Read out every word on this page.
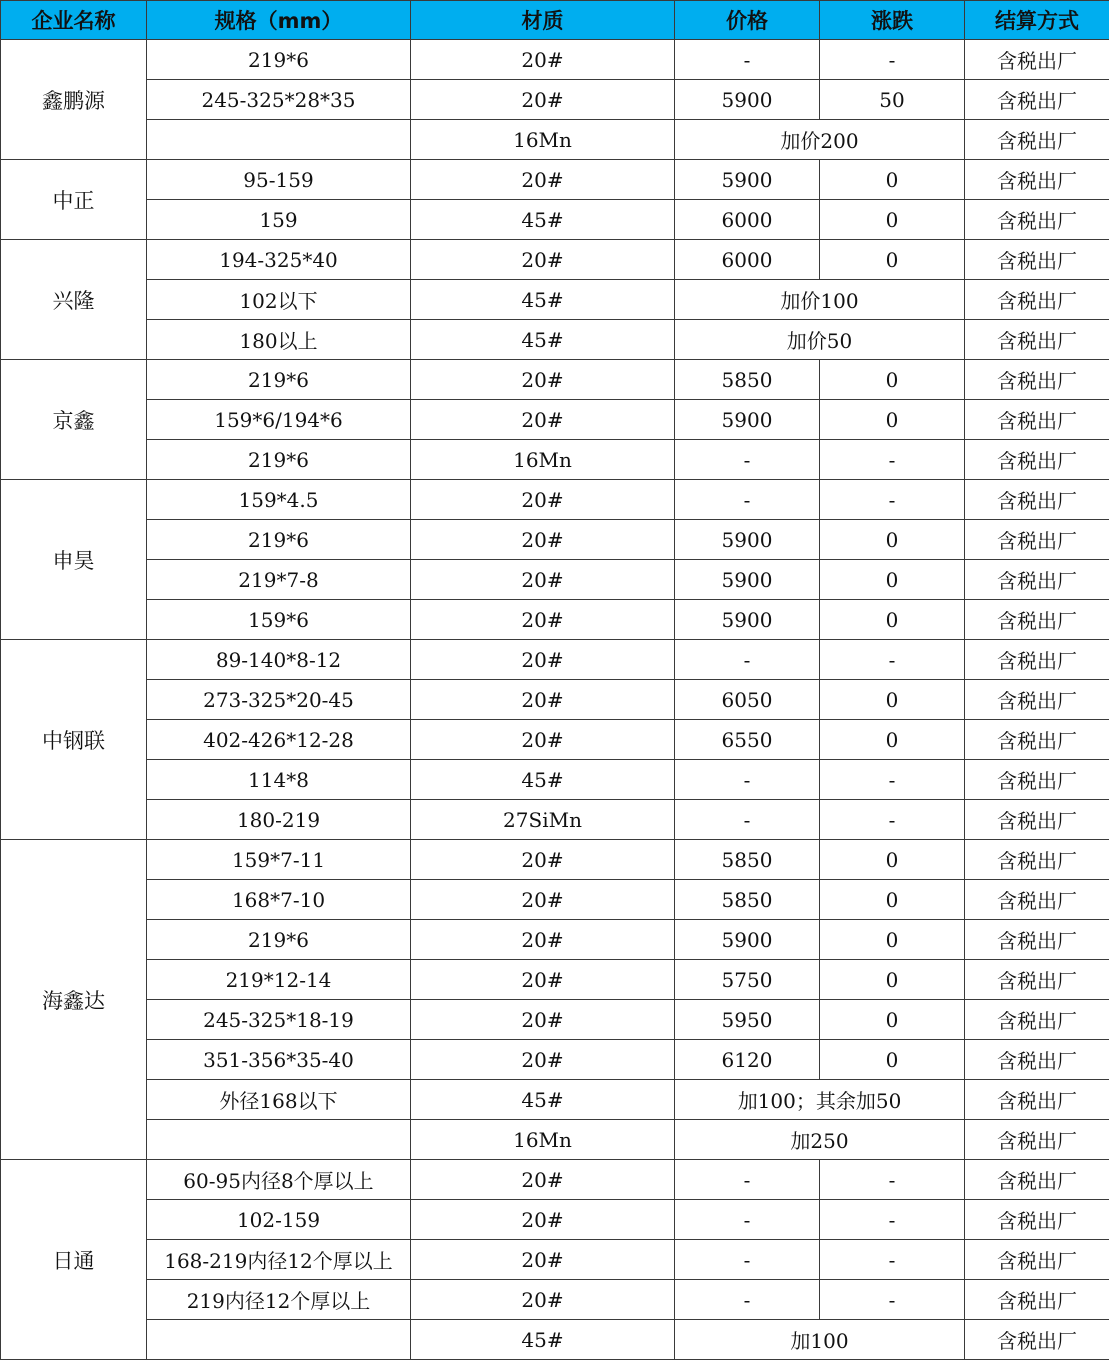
企业名称	规格（mm）	材质	价格	涨跌	结算方式
鑫鹏源	219*6	20#	-	-	含税出厂
	245-325*28*35	20#	5900	50	含税出厂
		16Mn	加价200		含税出厂
中正	95-159	20#	5900	0	含税出厂
	159	45#	6000	0	含税出厂
兴隆	194-325*40	20#	6000	0	含税出厂
	102以下	45#	加价100		含税出厂
	180以上	45#	加价50		含税出厂
京鑫	219*6	20#	5850	0	含税出厂
	159*6/194*6	20#	5900	0	含税出厂
	219*6	16Mn	-	-	含税出厂
申昊	159*4.5	20#	-	-	含税出厂
	219*6	20#	5900	0	含税出厂
	219*7-8	20#	5900	0	含税出厂
	159*6	20#	5900	0	含税出厂
中钢联	89-140*8-12	20#	-	-	含税出厂
	273-325*20-45	20#	6050	0	含税出厂
	402-426*12-28	20#	6550	0	含税出厂
	114*8	45#	-	-	含税出厂
	180-219	27SiMn	-	-	含税出厂
海鑫达	159*7-11	20#	5850	0	含税出厂
	168*7-10	20#	5850	0	含税出厂
	219*6	20#	5900	0	含税出厂
	219*12-14	20#	5750	0	含税出厂
	245-325*18-19	20#	5950	0	含税出厂
	351-356*35-40	20#	6120	0	含税出厂
	外径168以下	45#	加100；其余加50		含税出厂
		16Mn	加250		含税出厂
日通	60-95内径8个厚以上	20#	-	-	含税出厂
	102-159	20#	-	-	含税出厂
	168-219内径12个厚以上	20#	-	-	含税出厂
	219内径12个厚以上	20#	-	-	含税出厂
		45#	加100		含税出厂
